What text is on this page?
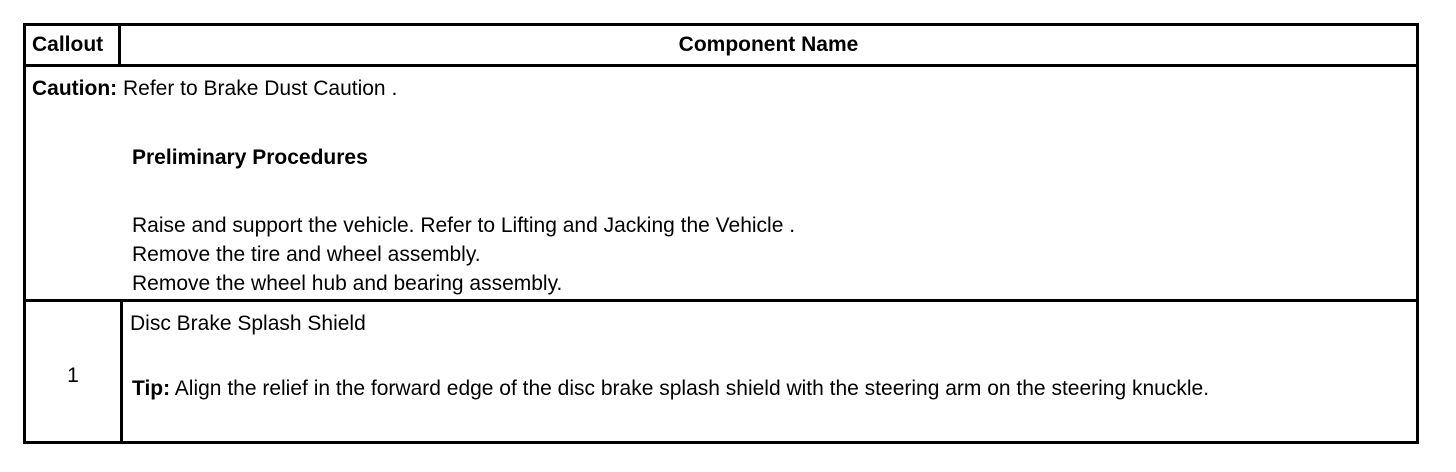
Callout	Component Name
Caution: Refer to Brake Dust Caution .
Preliminary Procedures
Raise and support the vehicle. Refer to Lifting and Jacking the Vehicle .
Remove the tire and wheel assembly.
Remove the wheel hub and bearing assembly.
1
Disc Brake Splash Shield
Tip: Align the relief in the forward edge of the disc brake splash shield with the steering arm on the steering knuckle.
